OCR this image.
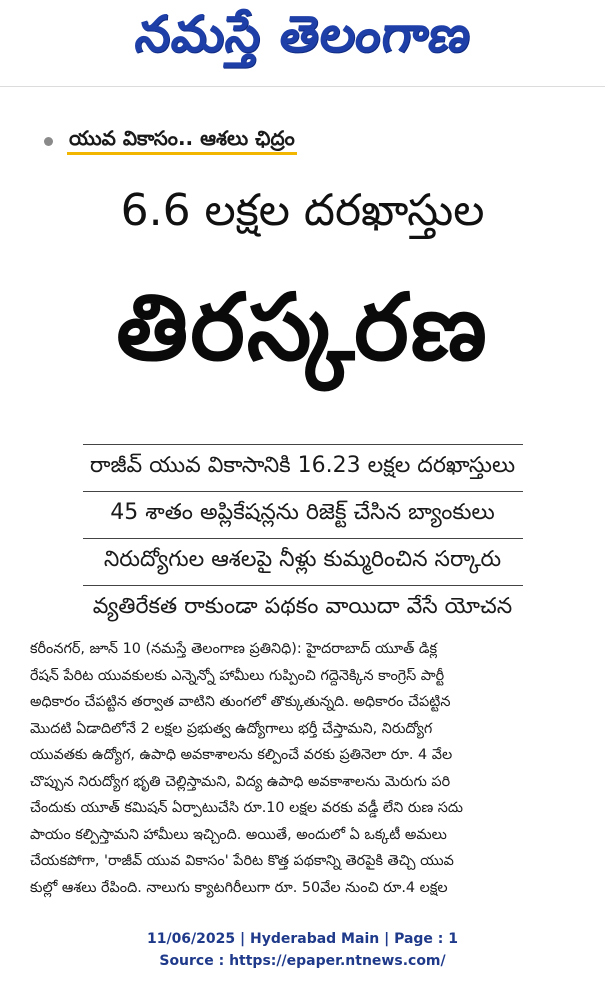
నమస్తే తెలంగాణ
యువ వికాసం.. ఆశలు ఛిద్రం
6.6 లక్షల దరఖాస్తుల
తిరస్కరణ
రాజీవ్ యువ వికాసానికి 16.23 లక్షల దరఖాస్తులు
45 శాతం అప్లికేషన్లను రిజెక్ట్ చేసిన బ్యాంకులు
నిరుద్యోగుల ఆశలపై నీళ్లు కుమ్మరించిన సర్కారు
వ్యతిరేకత రాకుండా పథకం వాయిదా వేసే యోచన
కరీంనగర్, జూన్ 10 (నమస్తే తెలంగాణ ప్రతినిధి): హైదరాబాద్ యూత్ డిక్ల
రేషన్ పేరిట యువకులకు ఎన్నెన్నో హామీలు గుప్పించి గద్దెనెక్కిన కాంగ్రెస్ పార్టీ
అధికారం చేపట్టిన తర్వాత వాటిని తుంగలో తొక్కుతున్నది. అధికారం చేపట్టిన
మొదటి ఏడాదిలోనే 2 లక్షల ప్రభుత్వ ఉద్యోగాలు భర్తీ చేస్తామని, నిరుద్యోగ
యువతకు ఉద్యోగ, ఉపాధి అవకాశాలను కల్పించే వరకు ప్రతినెలా రూ. 4 వేల
చొప్పున నిరుద్యోగ భృతి చెల్లిస్తామని, విద్య ఉపాధి అవకాశాలను మెరుగు పరి
చేందుకు యూత్ కమిషన్ ఏర్పాటుచేసి రూ.10 లక్షల వరకు వడ్డీ లేని రుణ సదు
పాయం కల్పిస్తామని హామీలు ఇచ్చింది. అయితే, అందులో ఏ ఒక్కటీ అమలు
చేయకపోగా, 'రాజీవ్ యువ వికాసం' పేరిట కొత్త పథకాన్ని తెరపైకి తెచ్చి యువ
కుల్లో ఆశలు రేపింది. నాలుగు క్యాటగిరీలుగా రూ. 50వేల నుంచి రూ.4 లక్షల
11/06/2025 | Hyderabad Main | Page : 1
Source : https://epaper.ntnews.com/
